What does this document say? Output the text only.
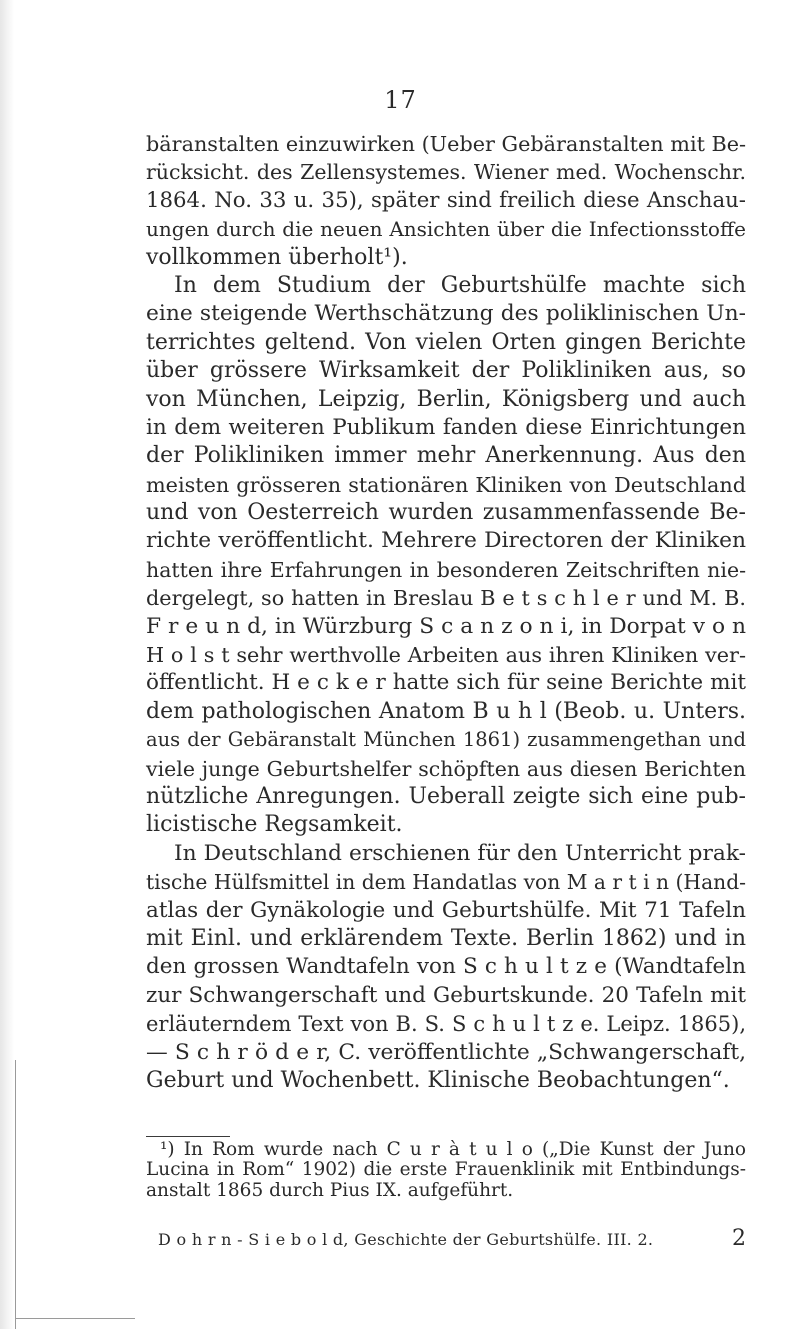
17
bäranstalten einzuwirken (Ueber Gebäranstalten mit Be-
rücksicht. des Zellensystemes. Wiener med. Wochenschr.
1864. No. 33 u. 35), später sind freilich diese Anschau-
ungen durch die neuen Ansichten über die Infectionsstoffe
vollkommen überholt¹).
In dem Studium der Geburtshülfe machte sich
eine steigende Werthschätzung des poliklinischen Un-
terrichtes geltend. Von vielen Orten gingen Berichte
über grössere Wirksamkeit der Polikliniken aus, so
von München, Leipzig, Berlin, Königsberg und auch
in dem weiteren Publikum fanden diese Einrichtungen
der Polikliniken immer mehr Anerkennung. Aus den
meisten grösseren stationären Kliniken von Deutschland
und von Oesterreich wurden zusammenfassende Be-
richte veröffentlicht. Mehrere Directoren der Kliniken
hatten ihre Erfahrungen in besonderen Zeitschriften nie-
dergelegt, so hatten in Breslau B e t s c h l e r und M. B.
F r e u n d, in Würzburg S c a n z o n i, in Dorpat v o n
H o l s t sehr werthvolle Arbeiten aus ihren Kliniken ver-
öffentlicht. H e c k e r hatte sich für seine Berichte mit
dem pathologischen Anatom B u h l (Beob. u. Unters.
aus der Gebäranstalt München 1861) zusammengethan und
viele junge Geburtshelfer schöpften aus diesen Berichten
nützliche Anregungen. Ueberall zeigte sich eine pub-
licistische Regsamkeit.
In Deutschland erschienen für den Unterricht prak-
tische Hülfsmittel in dem Handatlas von M a r t i n (Hand-
atlas der Gynäkologie und Geburtshülfe. Mit 71 Tafeln
mit Einl. und erklärendem Texte. Berlin 1862) und in
den grossen Wandtafeln von S c h u l t z e (Wandtafeln
zur Schwangerschaft und Geburtskunde. 20 Tafeln mit
erläuterndem Text von B. S. S c h u l t z e. Leipz. 1865),
— S c h r ö d e r, C. veröffentlichte „Schwangerschaft,
Geburt und Wochenbett. Klinische Beobachtungen“.
¹) In Rom wurde nach C u r à t u l o („Die Kunst der Juno
Lucina in Rom“ 1902) die erste Frauenklinik mit Entbindungs-
anstalt 1865 durch Pius IX. aufgeführt.
D o h r n - S i e b o l d, Geschichte der Geburtshülfe. III. 2.	2
